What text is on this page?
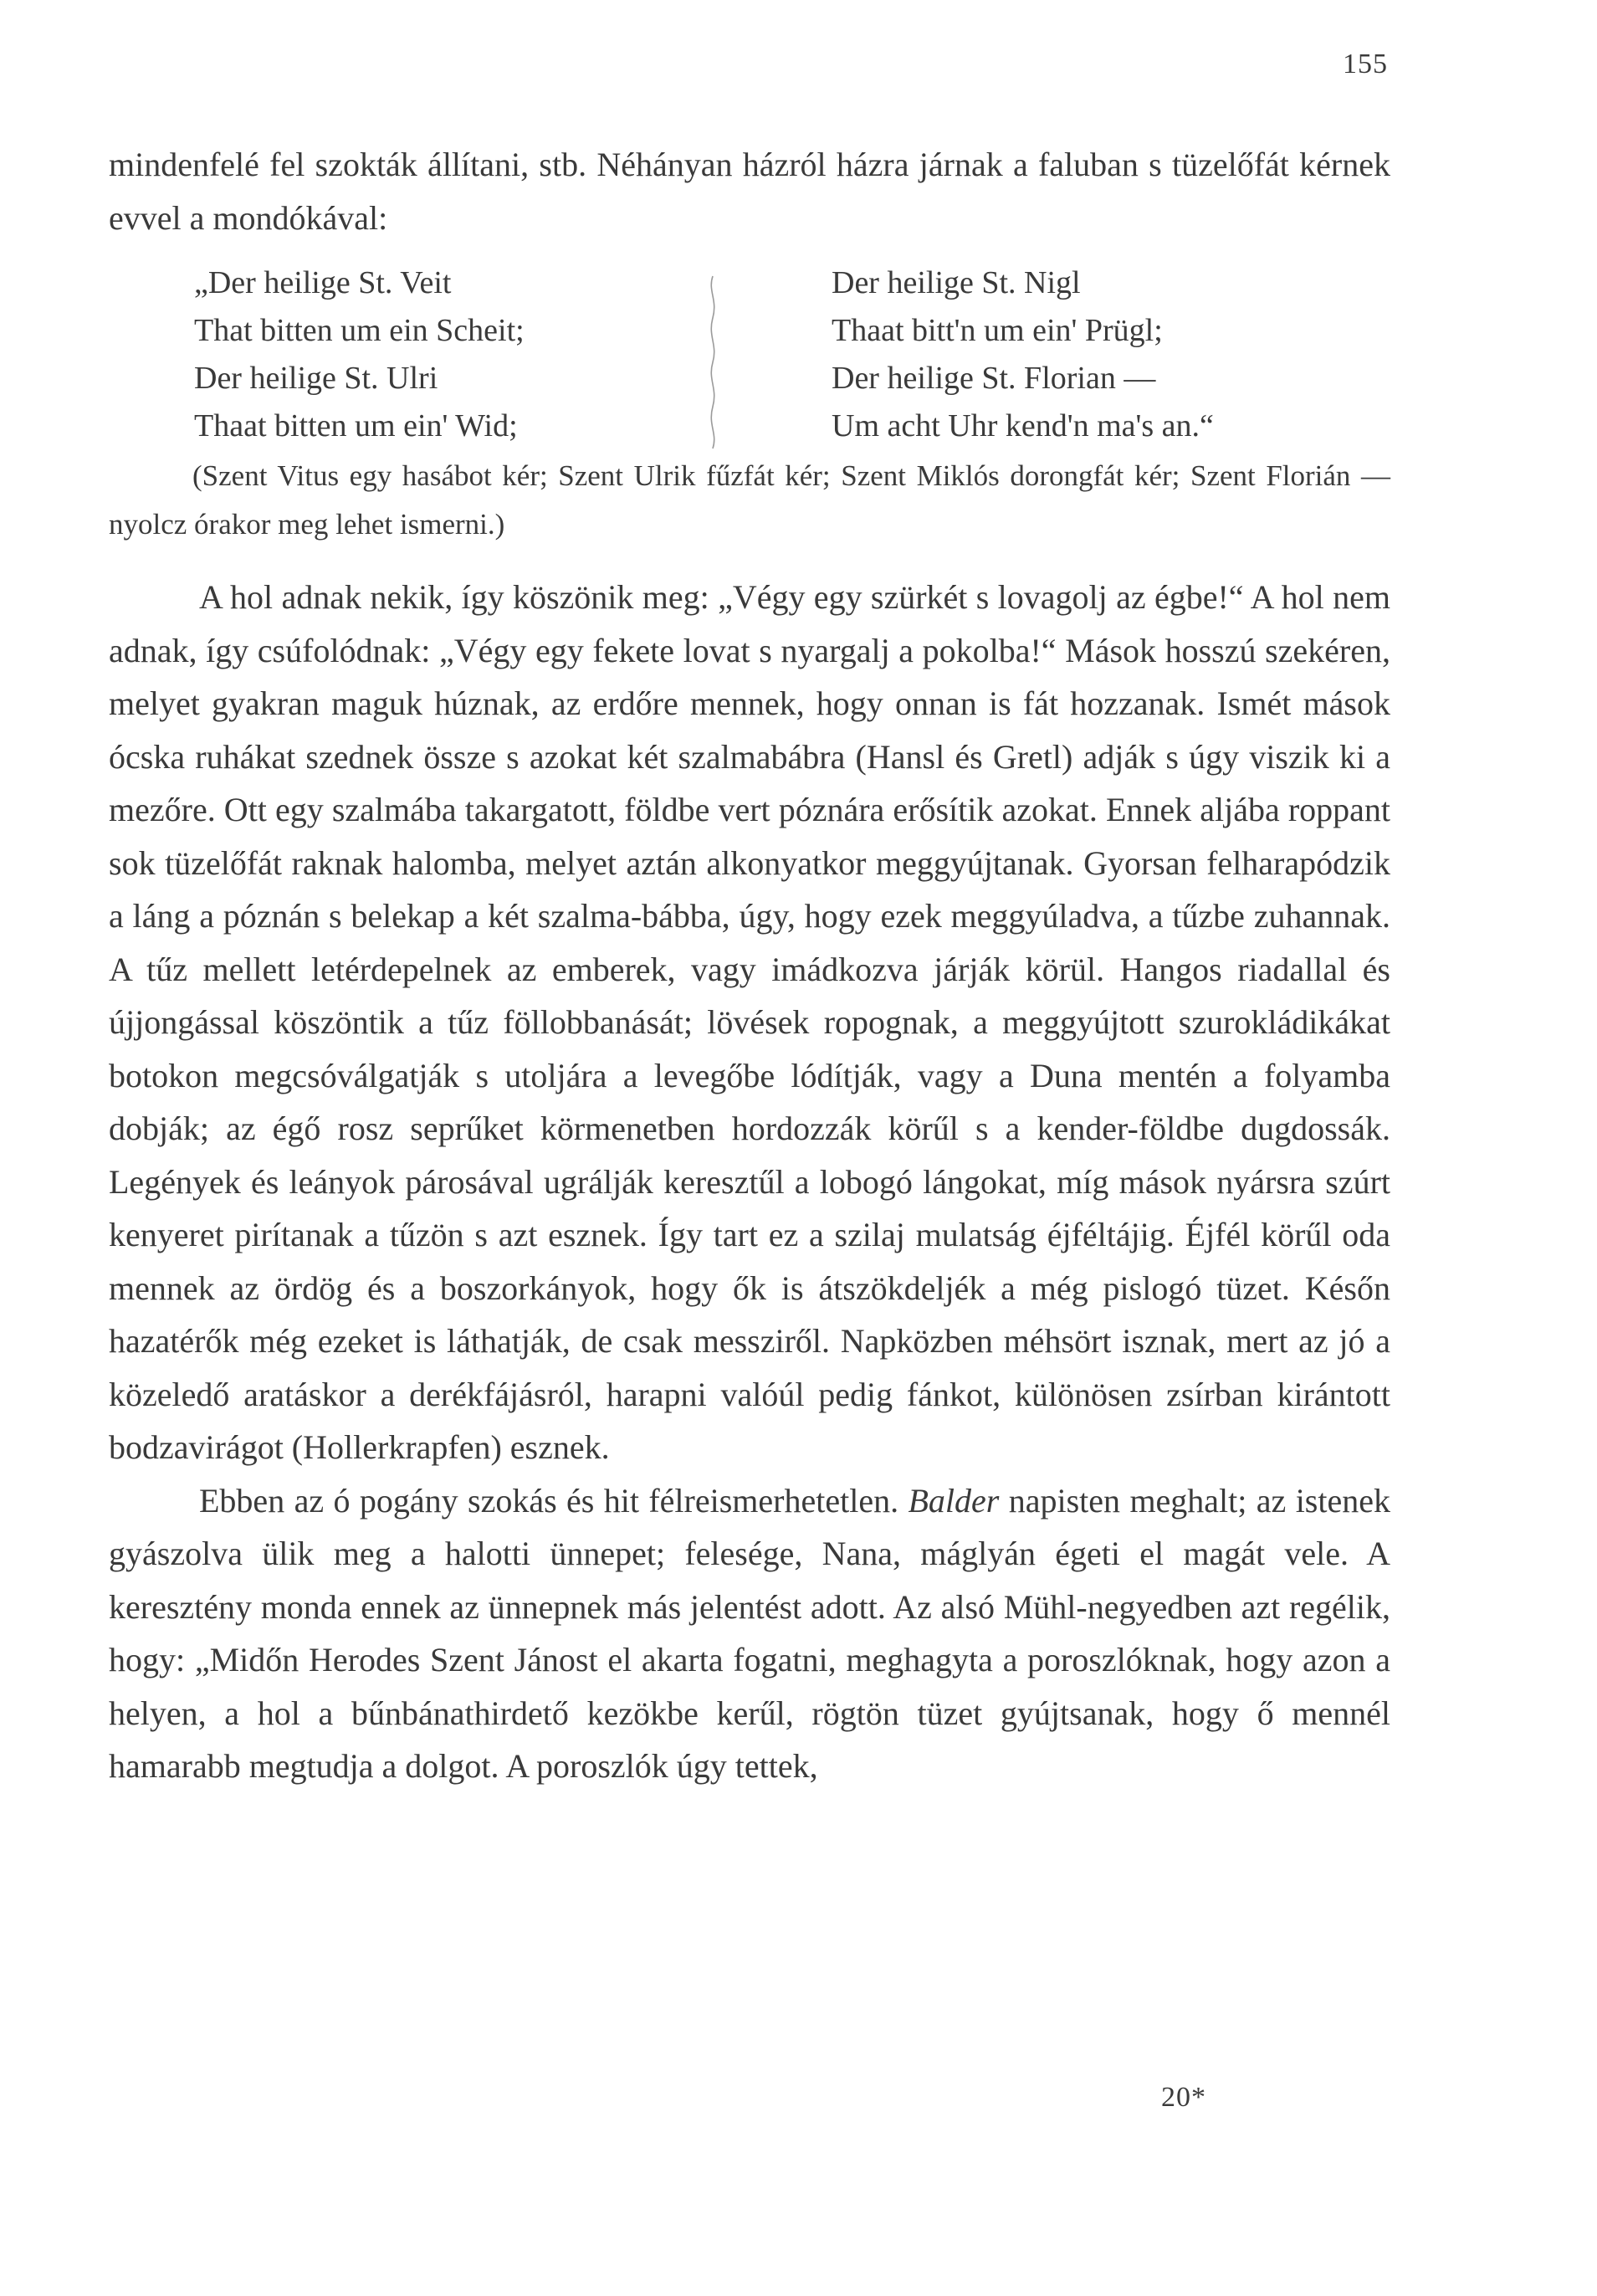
155
mindenfelé fel szokták állítani, stb. Néhányan házról házra járnak a faluban s tüzelőfát kérnek evvel a mondókával:
„Der heilige St. Veit
That bitten um ein Scheit;
Der heilige St. Ulri
Thaat bitten um ein' Wid;
Der heilige St. Nigl
Thaat bitt'n um ein' Prügl;
Der heilige St. Florian —
Um acht Uhr kend'n ma's an.“
(Szent Vitus egy hasábot kér; Szent Ulrik fűzfát kér; Szent Miklós dorongfát kér; Szent Florián — nyolcz órakor meg lehet ismerni.)

A hol adnak nekik, így köszönik meg: „Végy egy szürkét s lovagolj az égbe!“ A hol nem adnak, így csúfolódnak: „Végy egy fekete lovat s nyargalj a pokolba!“ Mások hosszú szekéren, melyet gyakran maguk húznak, az erdőre mennek, hogy onnan is fát hozzanak. Ismét mások ócska ruhákat szednek össze s azokat két szalmabábra (Hansl és Gretl) adják s úgy viszik ki a mezőre. Ott egy szalmába takargatott, földbe vert póznára erősítik azokat. Ennek aljába roppant sok tüzelőfát raknak halomba, melyet aztán alkonyatkor meggyújtanak. Gyorsan felharapódzik a láng a póznán s belekap a két szalma-bábba, úgy, hogy ezek meggyúladva, a tűzbe zuhannak. A tűz mellett letérdepelnek az emberek, vagy imádkozva járják körül. Hangos riadallal és újjongással köszöntik a tűz föllobbanását; lövések ropognak, a meggyújtott szurokládikákat botokon megcsóválgatják s utoljára a levegőbe lódítják, vagy a Duna mentén a folyamba dobják; az égő rosz seprűket körmenetben hordozzák körűl s a kender-földbe dugdossák. Legények és leányok párosával ugrálják keresztűl a lobogó lángokat, míg mások nyársra szúrt kenyeret pirítanak a tűzön s azt esznek. Így tart ez a szilaj mulatság éjféltájig. Éjfél körűl oda mennek az ördög és a boszorkányok, hogy ők is átszökdeljék a még pislogó tüzet. Későn hazatérők még ezeket is láthatják, de csak messziről. Napközben méhsört isznak, mert az jó a közeledő aratáskor a derékfájásról, harapni valóúl pedig fánkot, különösen zsírban kirántott bodzavirágot (Hollerkrapfen) esznek.

Ebben az ó pogány szokás és hit félreismerhetetlen. Balder napisten meghalt; az istenek gyászolva ülik meg a halotti ünnepet; felesége, Nana, máglyán égeti el magát vele. A keresztény monda ennek az ünnepnek más jelentést adott. Az alsó Mühl-negyedben azt regélik, hogy: „Midőn Herodes Szent Jánost el akarta fogatni, meghagyta a poroszlóknak, hogy azon a helyen, a hol a bűnbánathirdető kezökbe kerűl, rögtön tüzet gyújtsanak, hogy ő mennél hamarabb megtudja a dolgot. A poroszlók úgy tettek,

20*
